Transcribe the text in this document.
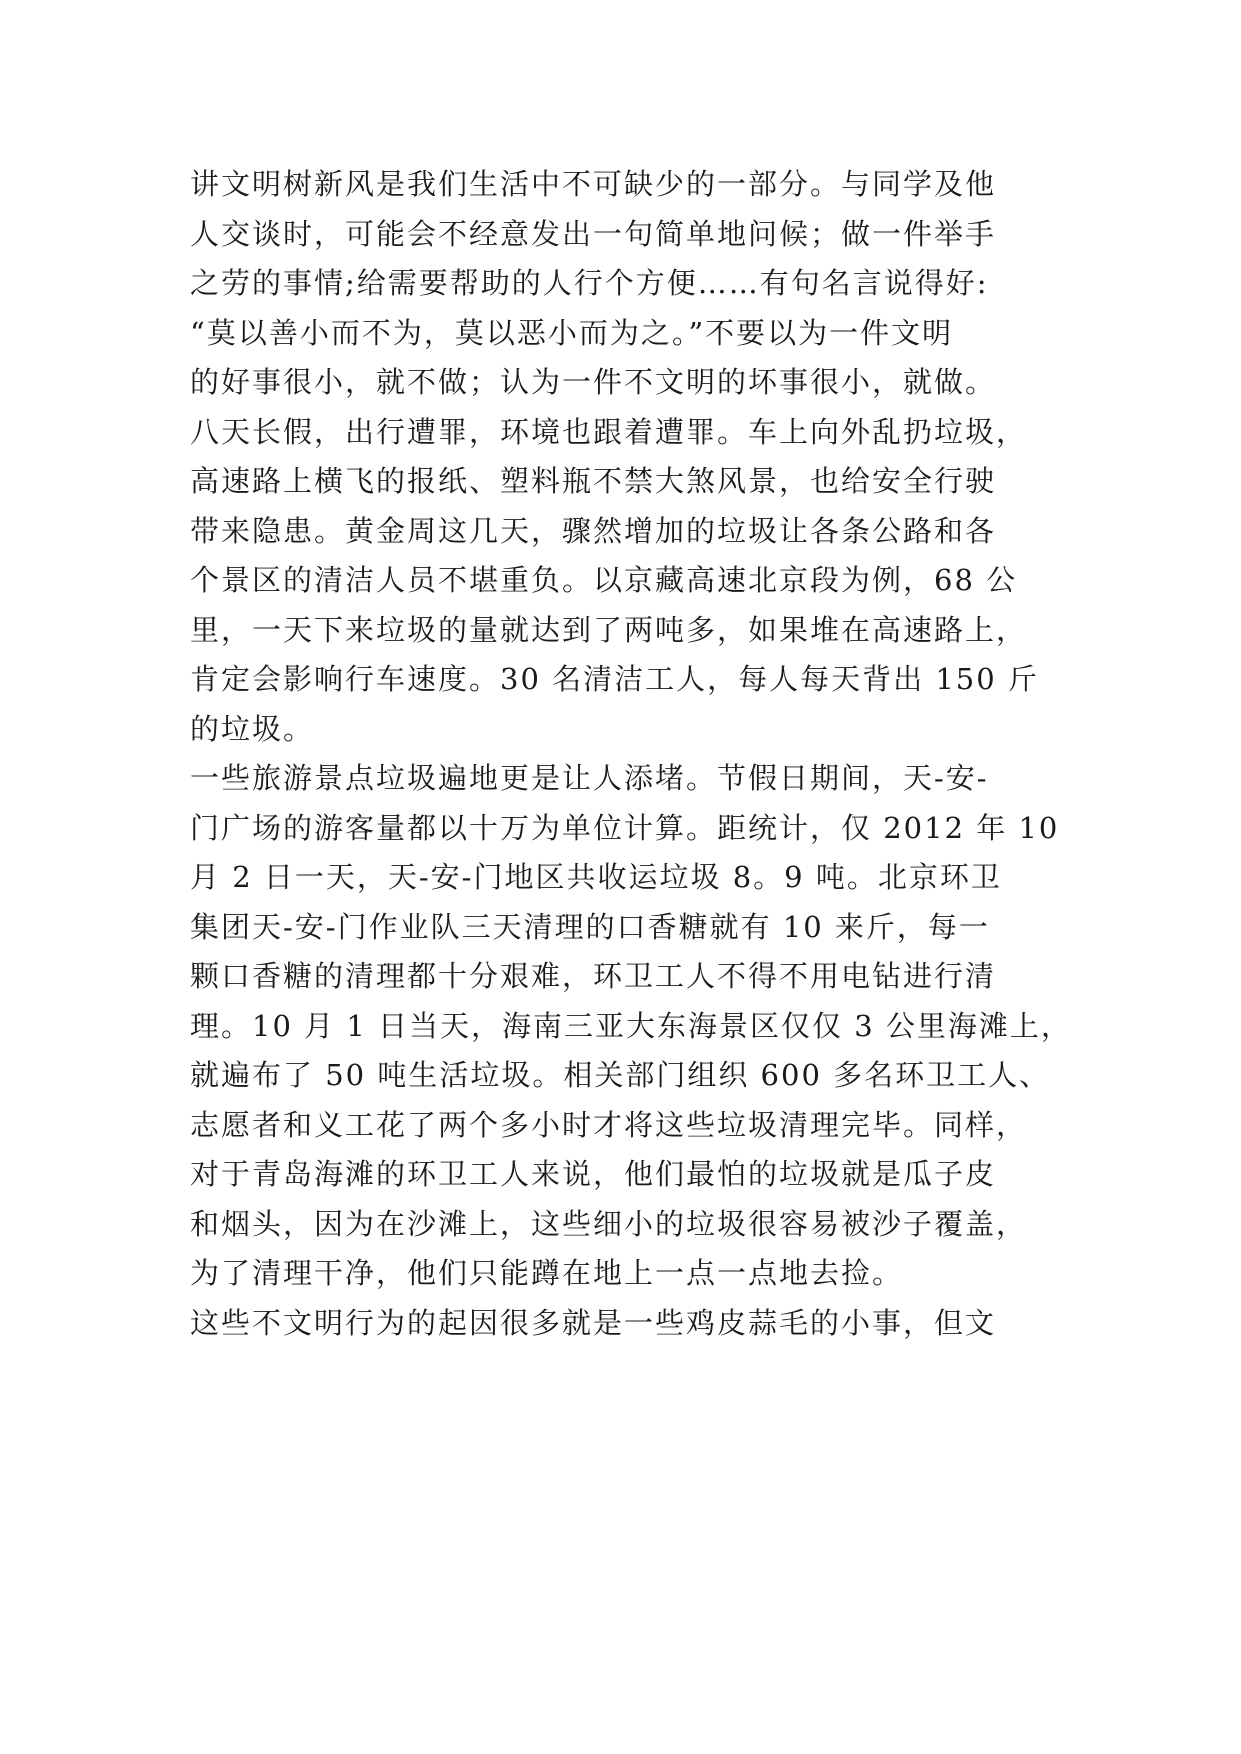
讲文明树新风是我们生活中不可缺少的一部分。与同学及他
人交谈时，可能会不经意发出一句简单地问候；做一件举手
之劳的事情;给需要帮助的人行个方便……有句名言说得好:
“莫以善小而不为，莫以恶小而为之。”不要以为一件文明
的好事很小，就不做；认为一件不文明的坏事很小，就做。
八天长假，出行遭罪，环境也跟着遭罪。车上向外乱扔垃圾，
高速路上横飞的报纸、塑料瓶不禁大煞风景，也给安全行驶
带来隐患。黄金周这几天，骤然增加的垃圾让各条公路和各
个景区的清洁人员不堪重负。以京藏高速北京段为例，68 公
里，一天下来垃圾的量就达到了两吨多，如果堆在高速路上，
肯定会影响行车速度。30 名清洁工人，每人每天背出 150 斤
的垃圾。
一些旅游景点垃圾遍地更是让人添堵。节假日期间，天-安-
门广场的游客量都以十万为单位计算。距统计，仅 2012 年 10
月 2 日一天，天-安-门地区共收运垃圾 8。9 吨。北京环卫
集团天-安-门作业队三天清理的口香糖就有 10 来斤，每一
颗口香糖的清理都十分艰难，环卫工人不得不用电钻进行清
理。10 月 1 日当天，海南三亚大东海景区仅仅 3 公里海滩上，
就遍布了 50 吨生活垃圾。相关部门组织 600 多名环卫工人、
志愿者和义工花了两个多小时才将这些垃圾清理完毕。同样，
对于青岛海滩的环卫工人来说，他们最怕的垃圾就是瓜子皮
和烟头，因为在沙滩上，这些细小的垃圾很容易被沙子覆盖，
为了清理干净，他们只能蹲在地上一点一点地去捡。
这些不文明行为的起因很多就是一些鸡皮蒜毛的小事，但文
